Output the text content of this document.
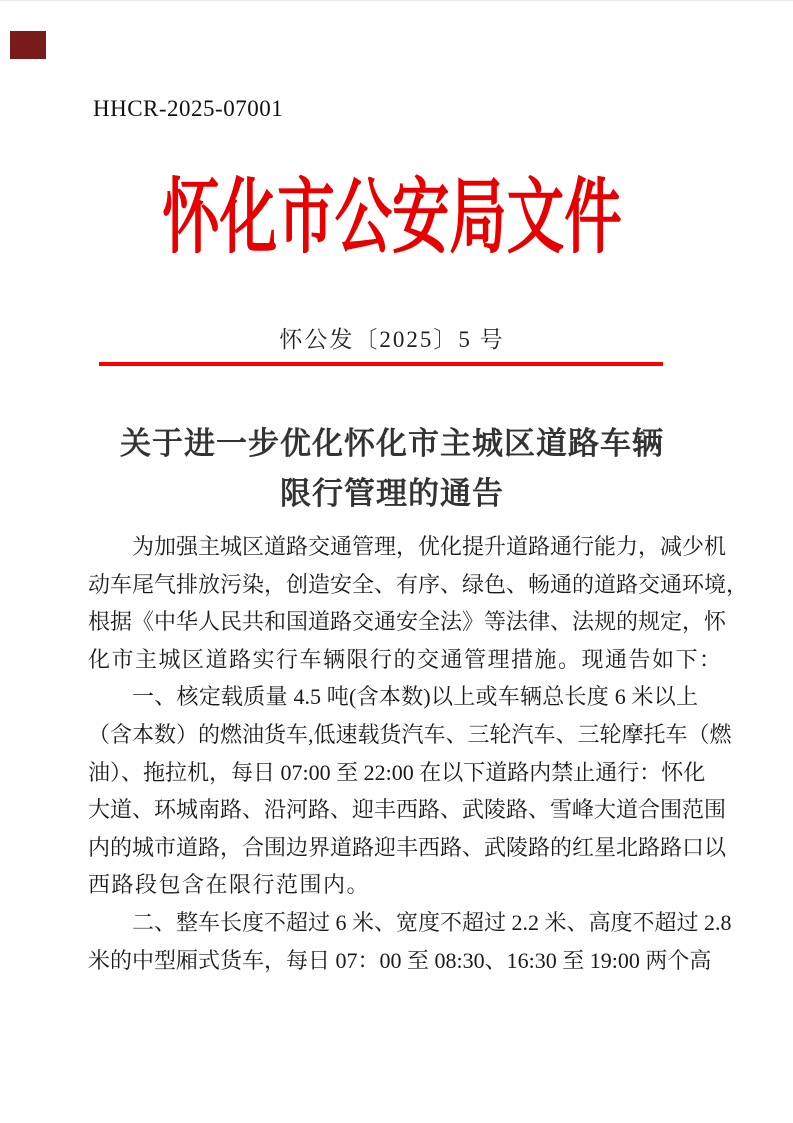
HHCR-2025-07001
怀化市公安局文件
怀公发〔2025〕5 号
关于进一步优化怀化市主城区道路车辆
限行管理的通告
为加强主城区道路交通管理，优化提升道路通行能力，减少机
动车尾气排放污染，创造安全、有序、绿色、畅通的道路交通环境，
根据《中华人民共和国道路交通安全法》等法律、法规的规定，怀
化市主城区道路实行车辆限行的交通管理措施。现通告如下：
一、核定载质量 4.5 吨(含本数)以上或车辆总长度 6 米以上
（含本数）的燃油货车,低速载货汽车、三轮汽车、三轮摩托车（燃
油）、拖拉机，每日 07:00 至 22:00 在以下道路内禁止通行：怀化
大道、环城南路、沿河路、迎丰西路、武陵路、雪峰大道合围范围
内的城市道路，合围边界道路迎丰西路、武陵路的红星北路路口以
西路段包含在限行范围内。
二、整车长度不超过 6 米、宽度不超过 2.2 米、高度不超过 2.8
米的中型厢式货车，每日 07：00 至 08:30、16:30 至 19:00 两个高
